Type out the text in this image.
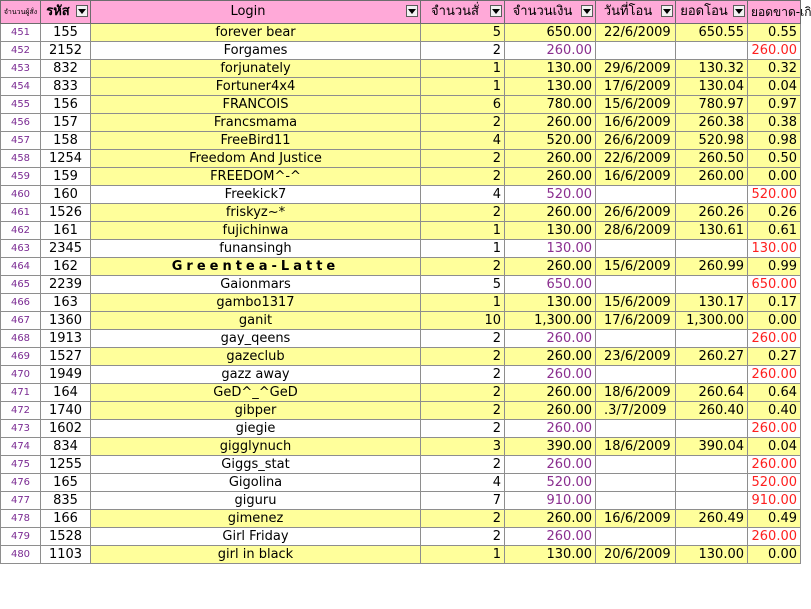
จำนวนผู้สั่ง	รหัส	Login	จำนวนสั่	จำนวนเงิน	วันที่โอน	ยอดโอน	ยอดขาด-เกิ

451	155	forever bear	5	650.00	22/6/2009	650.55	0.55
452	2152	Forgames	2	260.00			260.00
453	832	forjunately	1	130.00	29/6/2009	130.32	0.32
454	833	Fortuner4x4	1	130.00	17/6/2009	130.04	0.04
455	156	FRANCOIS	6	780.00	15/6/2009	780.97	0.97
456	157	Francsmama	2	260.00	16/6/2009	260.38	0.38
457	158	FreeBird11	4	520.00	26/6/2009	520.98	0.98
458	1254	Freedom And Justice	2	260.00	22/6/2009	260.50	0.50
459	159	FREEDOM^-^	2	260.00	16/6/2009	260.00	0.00
460	160	Freekick7	4	520.00			520.00
461	1526	friskyz~*	2	260.00	26/6/2009	260.26	0.26
462	161	fujichinwa	1	130.00	28/6/2009	130.61	0.61
463	2345	funansingh	1	130.00			130.00
464	162	Greentea-Latte	2	260.00	15/6/2009	260.99	0.99
465	2239	Gaionmars	5	650.00			650.00
466	163	gambo1317	1	130.00	15/6/2009	130.17	0.17
467	1360	ganit	10	1,300.00	17/6/2009	1,300.00	0.00
468	1913	gay_qeens	2	260.00			260.00
469	1527	gazeclub	2	260.00	23/6/2009	260.27	0.27
470	1949	gazz away	2	260.00			260.00
471	164	GeD^_^GeD	2	260.00	18/6/2009	260.64	0.64
472	1740	gibper	2	260.00	.3/7/2009	260.40	0.40
473	1602	giegie	2	260.00			260.00
474	834	gigglynuch	3	390.00	18/6/2009	390.04	0.04
475	1255	Giggs_stat	2	260.00			260.00
476	165	Gigolina	4	520.00			520.00
477	835	giguru	7	910.00			910.00
478	166	gimenez	2	260.00	16/6/2009	260.49	0.49
479	1528	Girl Friday	2	260.00			260.00
480	1103	girl in black	1	130.00	20/6/2009	130.00	0.00
